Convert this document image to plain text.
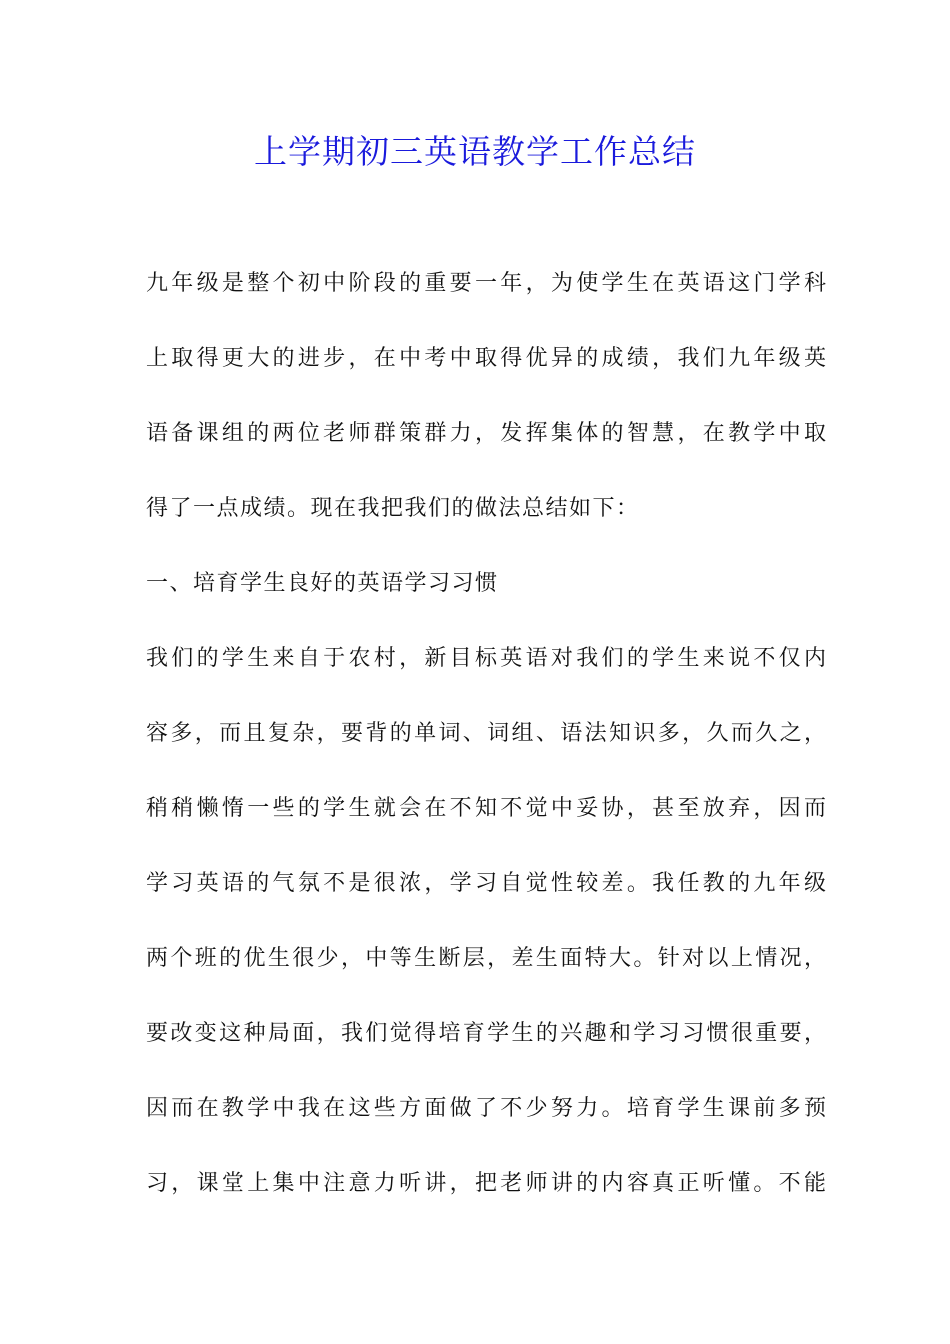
上学期初三英语教学工作总结

九年级是整个初中阶段的重要一年，为使学生在英语这门学科

上取得更大的进步，在中考中取得优异的成绩，我们九年级英

语备课组的两位老师群策群力，发挥集体的智慧，在教学中取

得了一点成绩。现在我把我们的做法总结如下：

一、培育学生良好的英语学习习惯

我们的学生来自于农村，新目标英语对我们的学生来说不仅内

容多，而且复杂，要背的单词、词组、语法知识多，久而久之，

稍稍懒惰一些的学生就会在不知不觉中妥协，甚至放弃，因而

学习英语的气氛不是很浓，学习自觉性较差。我任教的九年级

两个班的优生很少，中等生断层，差生面特大。针对以上情况，

要改变这种局面，我们觉得培育学生的兴趣和学习习惯很重要，

因而在教学中我在这些方面做了不少努力。培育学生课前多预

习，课堂上集中注意力听讲，把老师讲的内容真正听懂。不能
